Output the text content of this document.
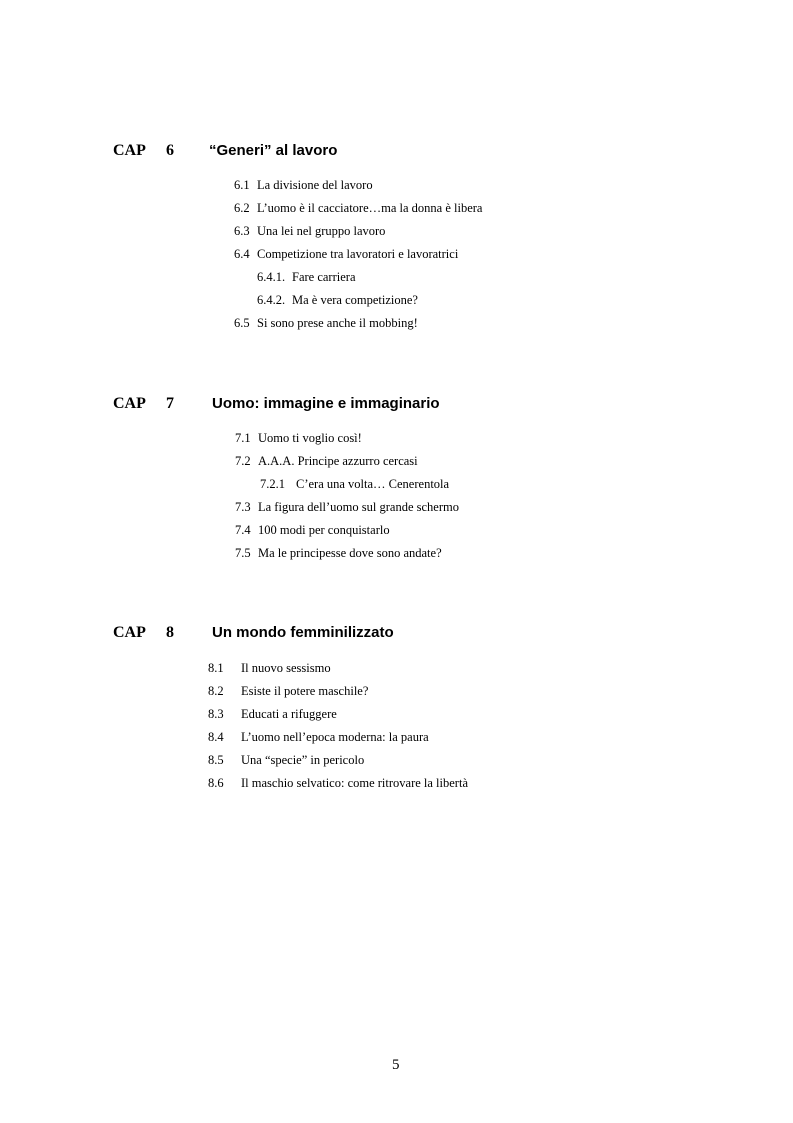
CAP 6 “Generi” al lavoro
6.1 La divisione del lavoro
6.2 L’uomo è il cacciatore…ma la donna è libera
6.3 Una lei nel gruppo lavoro
6.4 Competizione tra lavoratori e lavoratrici
6.4.1. Fare carriera
6.4.2. Ma è vera competizione?
6.5 Si sono prese anche il mobbing!
CAP 7	Uomo: immagine e immaginario
7.1 Uomo ti voglio così!
7.2 A.A.A. Principe azzurro cercasi
7.2.1 C’era una volta… Cenerentola
7.3 La figura dell’uomo sul grande schermo
7.4 100 modi per conquistarlo
7.5 Ma le principesse dove sono andate?
CAP 8	Un mondo femminilizzato
8.1 Il nuovo sessismo
8.2 Esiste il potere maschile?
8.3 Educati a rifuggere
8.4 L’uomo nell’epoca moderna: la paura
8.5 Una “specie” in pericolo
8.6 Il maschio selvatico: come ritrovare la libertà
5
